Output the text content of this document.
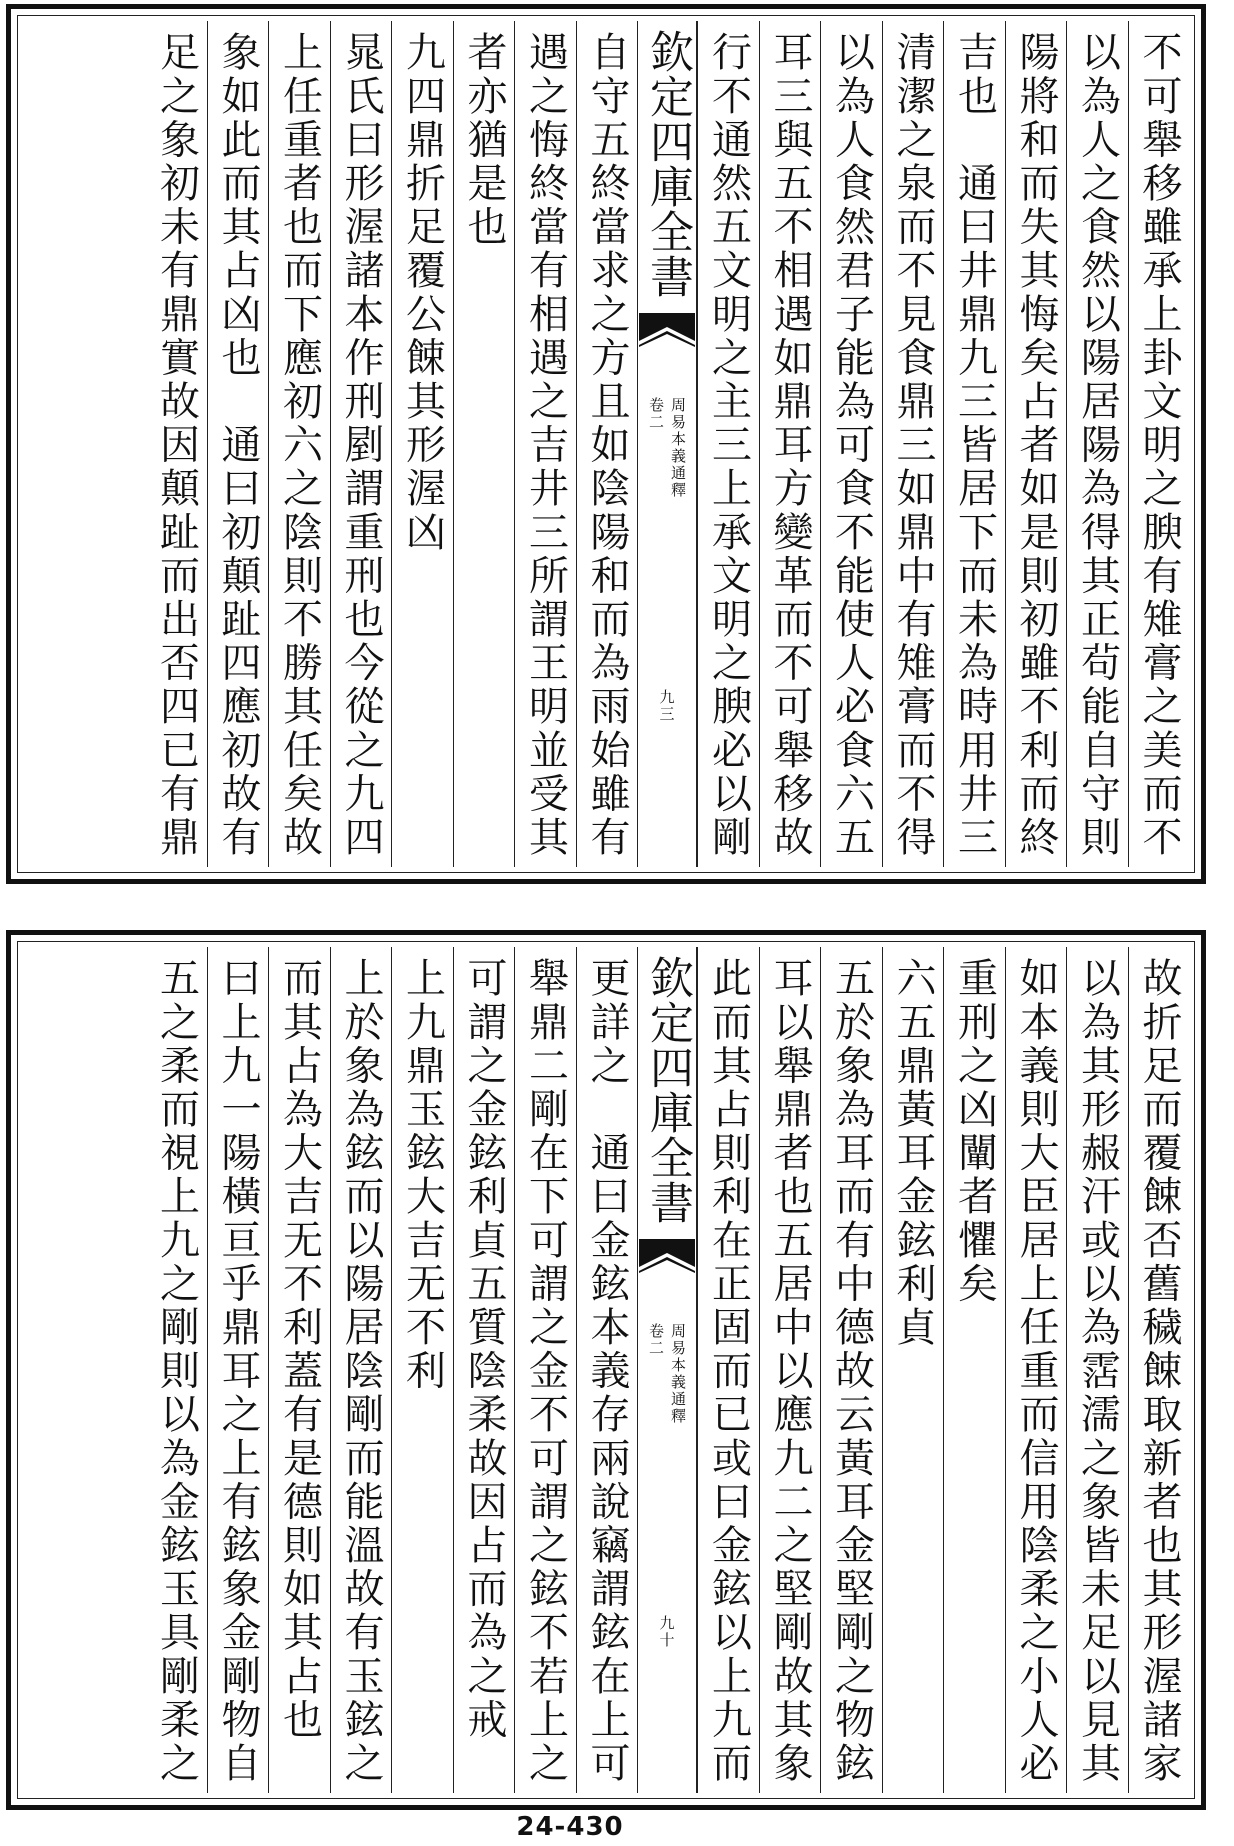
不可舉移雖承上卦文明之腴有雉膏之美而不
以為人之食然以陽居陽為得其正茍能自守則
陽將和而失其悔矣占者如是則初雖不利而終
吉也　通曰井鼎九三皆居下而未為時用井三
清潔之泉而不見食鼎三如鼎中有雉膏而不得
以為人食然君子能為可食不能使人必食六五
耳三與五不相遇如鼎耳方變革而不可舉移故
行不通然五文明之主三上承文明之腴必以剛
欽定四庫全書
周易本義通釋
卷二
九三
自守五終當求之方且如陰陽和而為雨始雖有
遇之悔終當有相遇之吉井三所謂王明並受其
者亦猶是也
九四鼎折足覆公餗其形渥凶
晁氏曰形渥諸本作刑剭謂重刑也今從之九四
上任重者也而下應初六之陰則不勝其任矣故
象如此而其占凶也　通曰初顛趾四應初故有
足之象初未有鼎實故因顛趾而出否四已有鼎
故折足而覆餗否舊穢餗取新者也其形渥諸家
以為其形赧汗或以為霑濡之象皆未足以見其
如本義則大臣居上任重而信用陰柔之小人必
重刑之凶闡者懼矣
六五鼎黃耳金鉉利貞
五於象為耳而有中德故云黃耳金堅剛之物鉉
耳以舉鼎者也五居中以應九二之堅剛故其象
此而其占則利在正固而已或曰金鉉以上九而
欽定四庫全書
周易本義通釋
卷二
九十
更詳之　通曰金鉉本義存兩說竊謂鉉在上可
舉鼎二剛在下可謂之金不可謂之鉉不若上之
可謂之金鉉利貞五質陰柔故因占而為之戒
上九鼎玉鉉大吉无不利
上於象為鉉而以陽居陰剛而能溫故有玉鉉之
而其占為大吉无不利蓋有是德則如其占也　
曰上九一陽橫亘乎鼎耳之上有鉉象金剛物自
五之柔而視上九之剛則以為金鉉玉具剛柔之
24-430
